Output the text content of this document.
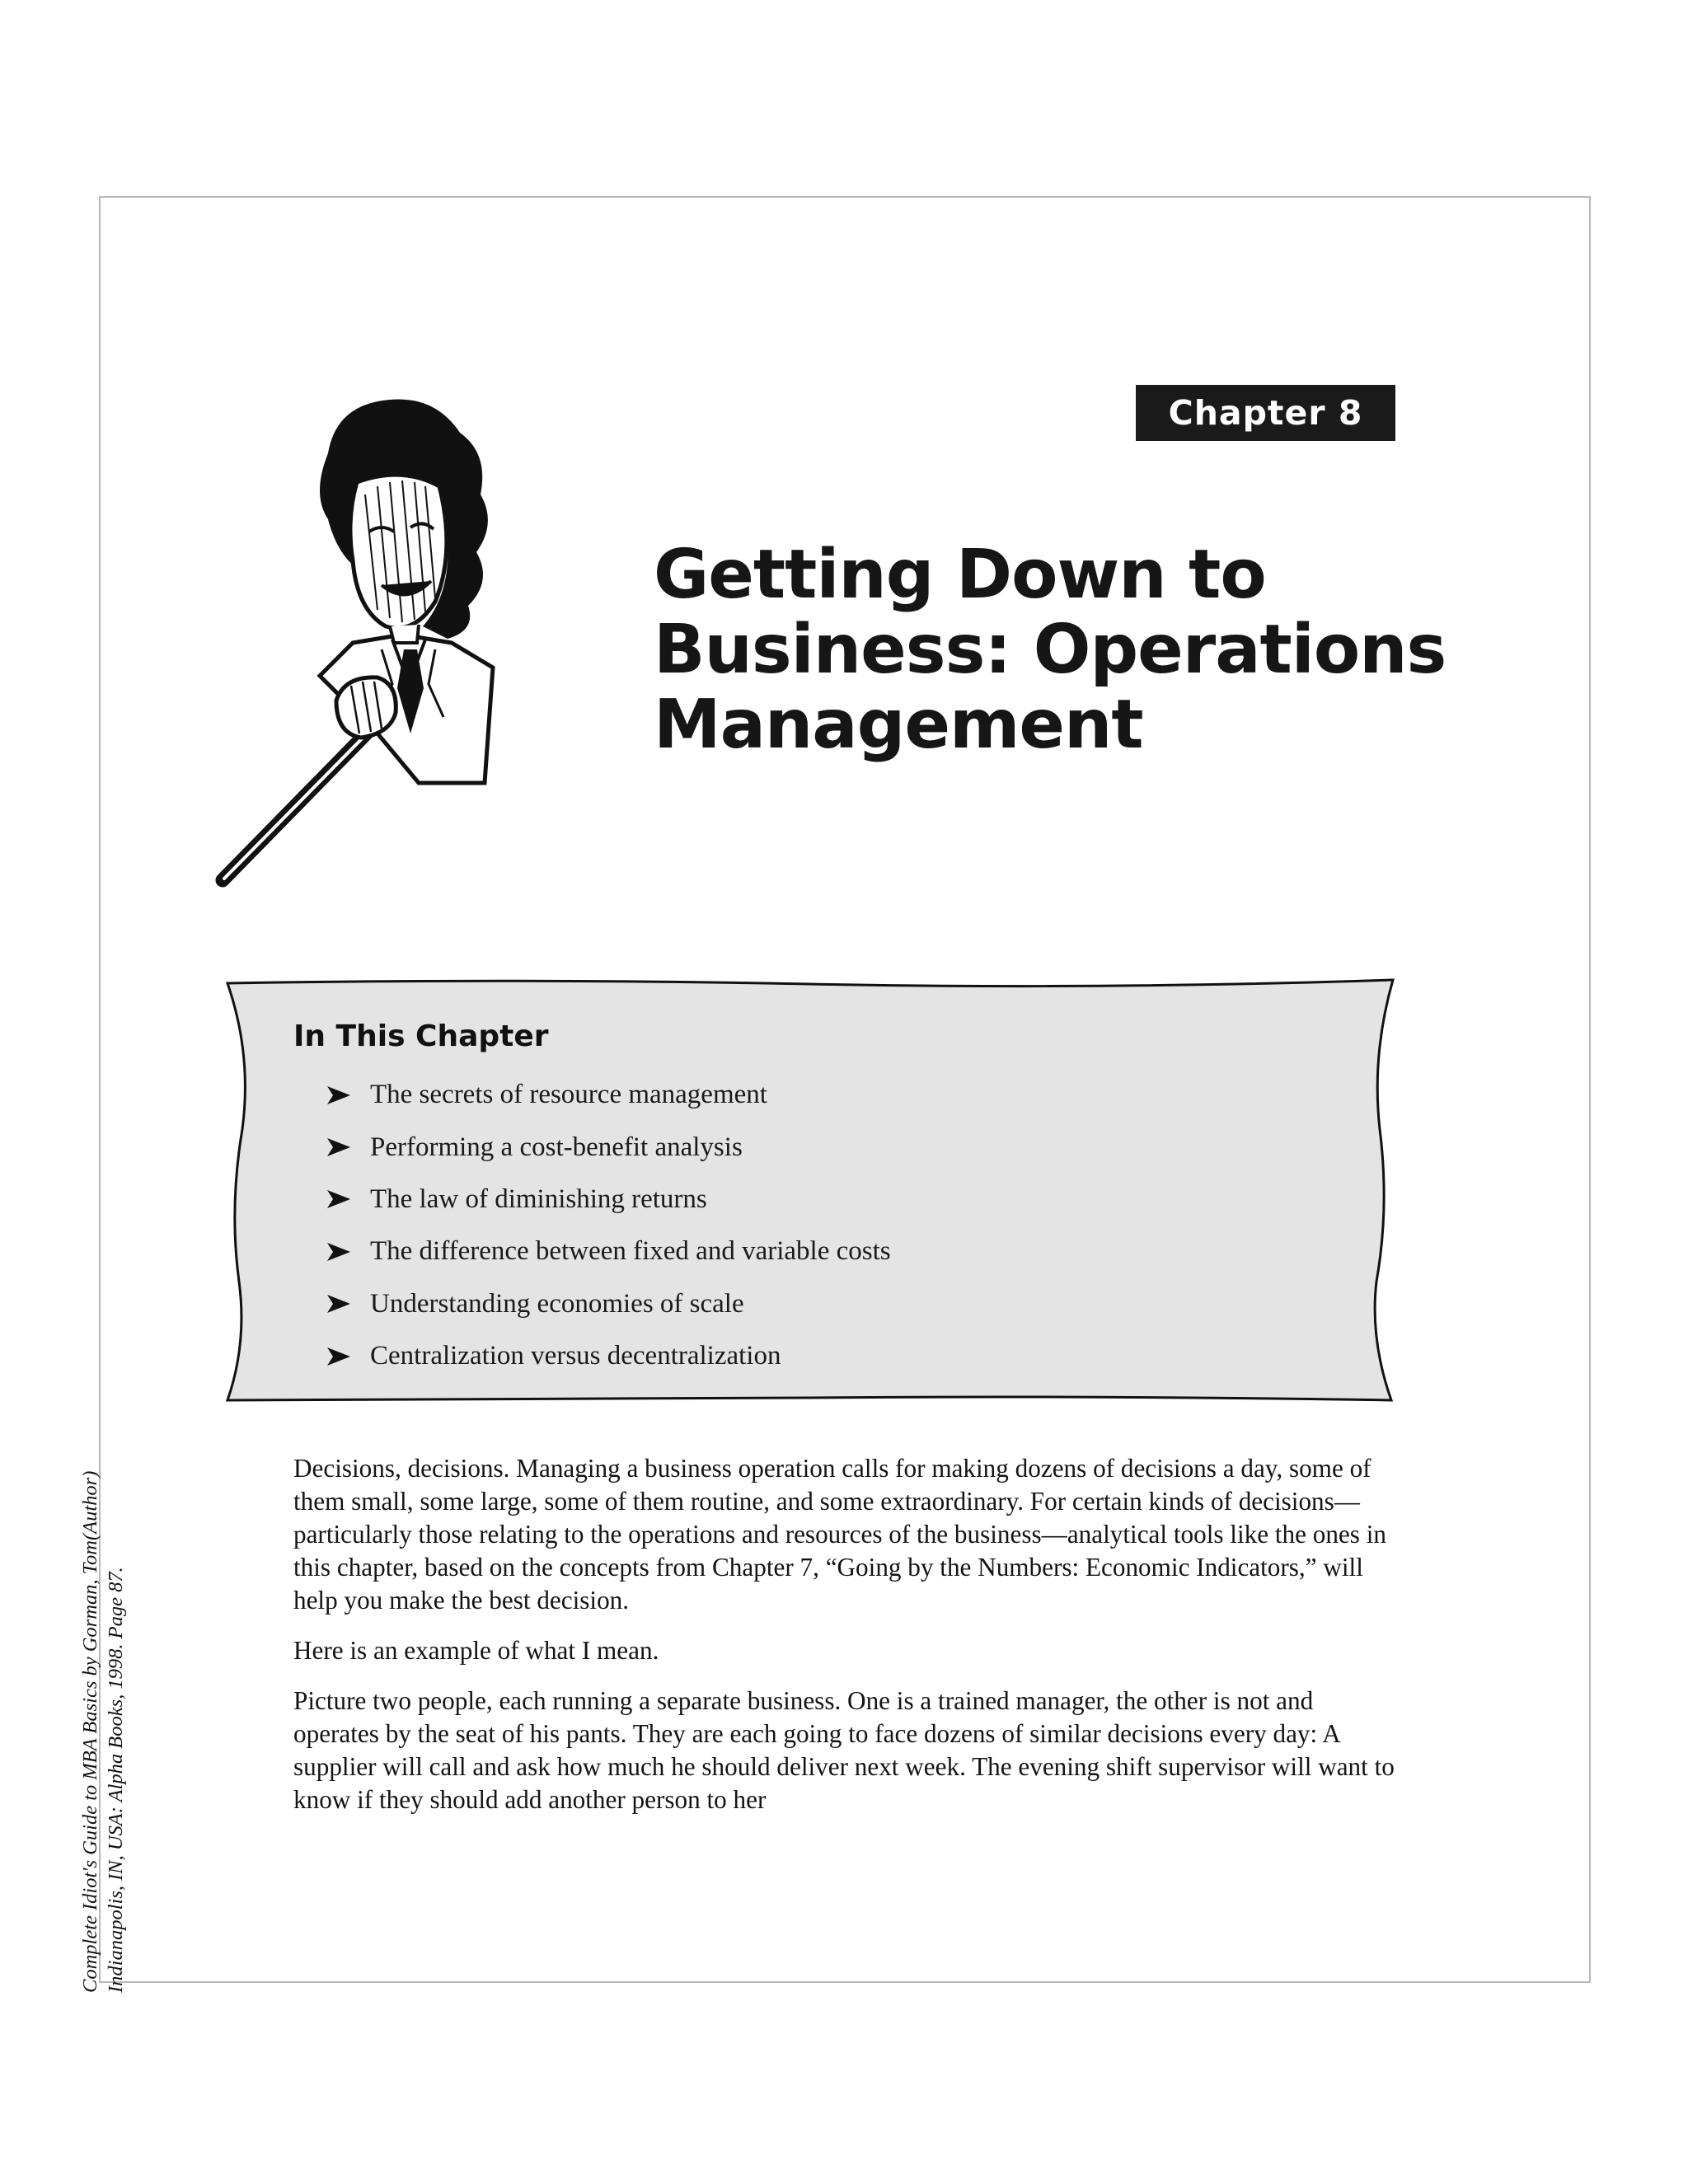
Complete Idiot's Guide to MBA Basics by Gorman, Tom(Author) Indianapolis, IN, USA: Alpha Books, 1998. Page 87.
Chapter 8
Getting Down to
Business: Operations
Management
In This Chapter
The secrets of resource management
Performing a cost-benefit analysis
The law of diminishing returns
The difference between fixed and variable costs
Understanding economies of scale
Centralization versus decentralization

Decisions, decisions. Managing a business operation calls for making dozens of decisions a day, some of them small, some large, some of them routine, and some extraordinary. For certain kinds of decisions—particularly those relating to the operations and resources of the business—analytical tools like the ones in this chapter, based on the concepts from Chapter 7, “Going by the Numbers: Economic Indicators,” will help you make the best decision.

Here is an example of what I mean.

Picture two people, each running a separate business. One is a trained manager, the other is not and operates by the seat of his pants. They are each going to face dozens of similar decisions every day: A supplier will call and ask how much he should deliver next week. The evening shift supervisor will want to know if they should add another person to her
